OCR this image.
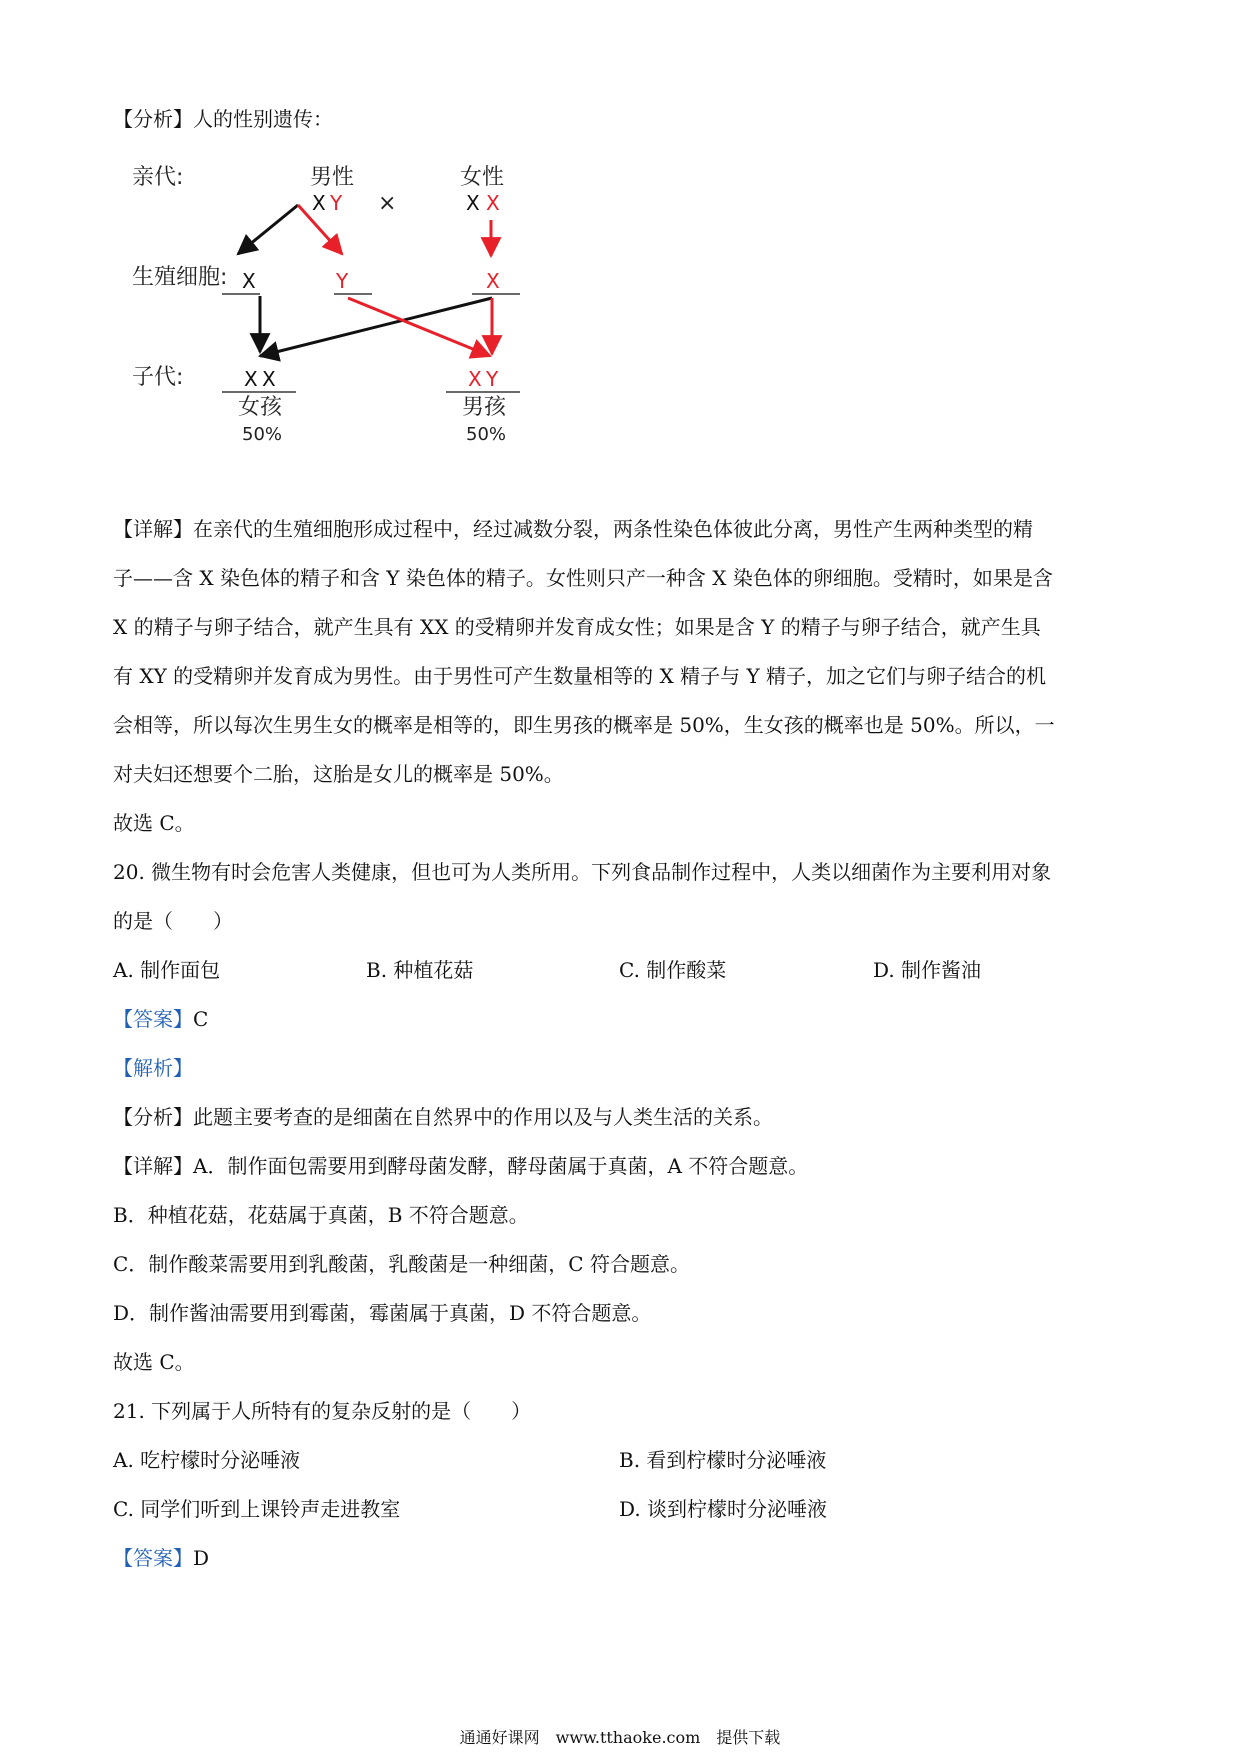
【分析】人的性别遗传：
亲代:
生殖细胞:
子代:
男性
X Y ×
女性
X X
X	Y	X
X X
女孩
50%
X Y
男孩
50%
【详解】在亲代的生殖细胞形成过程中，经过减数分裂，两条性染色体彼此分离，男性产生两种类型的精
子——含 X 染色体的精子和含 Y 染色体的精子。女性则只产一种含 X 染色体的卵细胞。受精时，如果是含
X 的精子与卵子结合，就产生具有 XX 的受精卵并发育成女性；如果是含 Y 的精子与卵子结合，就产生具
有 XY 的受精卵并发育成为男性。由于男性可产生数量相等的 X 精子与 Y 精子，加之它们与卵子结合的机
会相等，所以每次生男生女的概率是相等的，即生男孩的概率是 50%，生女孩的概率也是 50%。所以，一
对夫妇还想要个二胎，这胎是女儿的概率是 50%。
故选 C。
20. 微生物有时会危害人类健康，但也可为人类所用。下列食品制作过程中，人类以细菌作为主要利用对象
的是（　　）
A. 制作面包	B. 种植花菇	C. 制作酸菜	D. 制作酱油
【答案】C
【解析】
【分析】此题主要考查的是细菌在自然界中的作用以及与人类生活的关系。
【详解】A．制作面包需要用到酵母菌发酵，酵母菌属于真菌，A 不符合题意。
B．种植花菇，花菇属于真菌，B 不符合题意。
C．制作酸菜需要用到乳酸菌，乳酸菌是一种细菌，C 符合题意。
D．制作酱油需要用到霉菌，霉菌属于真菌，D 不符合题意。
故选 C。
21. 下列属于人所特有的复杂反射的是（　　）
A. 吃柠檬时分泌唾液	B. 看到柠檬时分泌唾液
C. 同学们听到上课铃声走进教室	D. 谈到柠檬时分泌唾液
【答案】D
通通好课网　www.tthaoke.com　提供下载
